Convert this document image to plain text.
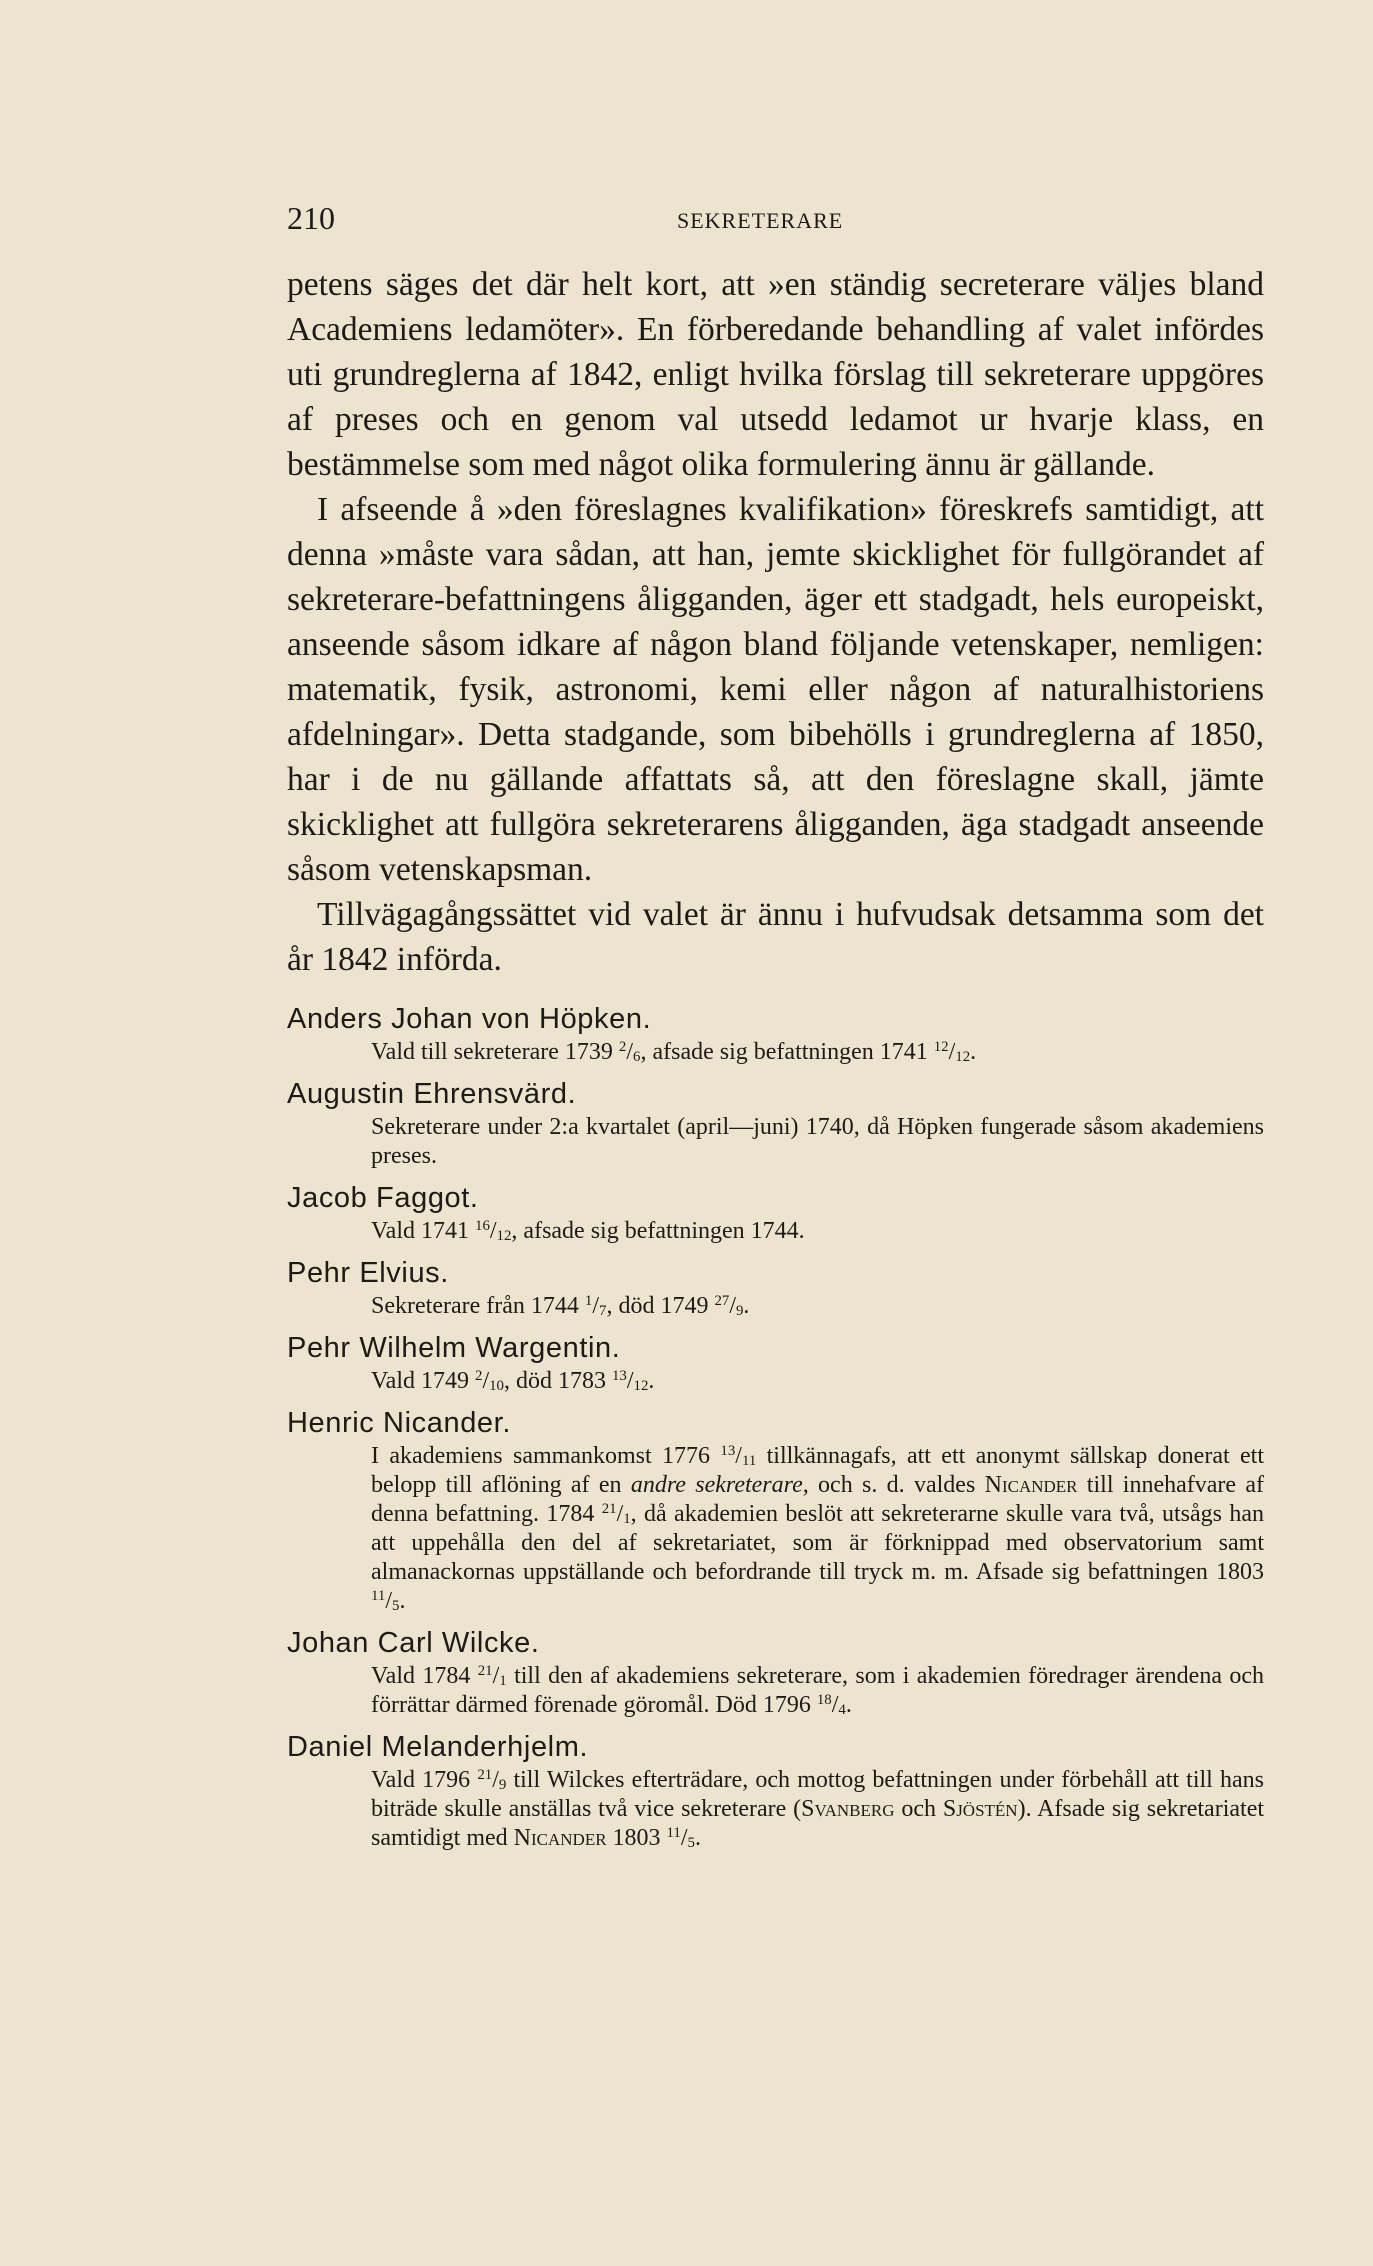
210	SEKRETERARE

petens säges det där helt kort, att »en ständig secreterare väljes bland Academiens ledamöter». En förberedande behandling af valet infördes uti grundreglerna af 1842, enligt hvilka förslag till sekreterare uppgöres af preses och en genom val utsedd ledamot ur hvarje klass, en bestämmelse som med något olika formulering ännu är gällande.

I afseende å »den föreslagnes kvalifikation» föreskrefs samtidigt, att denna »måste vara sådan, att han, jemte skicklighet för fullgörandet af sekreterare-befattningens åligganden, äger ett stadgadt, hels europeiskt, anseende såsom idkare af någon bland följande vetenskaper, nemligen: matematik, fysik, astronomi, kemi eller någon af naturalhistoriens afdelningar». Detta stadgande, som bibehölls i grundreglerna af 1850, har i de nu gällande affattats så, att den föreslagne skall, jämte skicklighet att fullgöra sekreterarens åligganden, äga stadgadt anseende såsom vetenskapsman.

Tillvägagångssättet vid valet är ännu i hufvudsak detsamma som det år 1842 införda.

Anders Johan von Höpken.
Vald till sekreterare 1739 $^2/_6$, afsade sig befattningen 1741 $^{12}/_{12}$.
Augustin Ehrensvärd.
Sekreterare under 2:a kvartalet (april—juni) 1740, då Höpken fungerade såsom akademiens preses.
Jacob Faggot.
Vald 1741 $^{16}/_{12}$, afsade sig befattningen 1744.
Pehr Elvius.
Sekreterare från 1744 $^1/_7$, död 1749 $^{27}/_9$.
Pehr Wilhelm Wargentin.
Vald 1749 $^2/_{10}$, död 1783 $^{13}/_{12}$.
Henric Nicander.
I akademiens sammankomst 1776 $^{13}/_{11}$ tillkännagafs, att ett anonymt sällskap donerat ett belopp till aflöning af en andre sekreterare, och s. d. valdes Nicander till innehafvare af denna befattning. 1784 $^{21}/_1$, då akademien beslöt att sekreterarne skulle vara två, utsågs han att uppehålla den del af sekretariatet, som är förknippad med observatorium samt almanackornas uppställande och befordrande till tryck m. m. Afsade sig befattningen 1803 $^{11}/_5$.
Johan Carl Wilcke.
Vald 1784 $^{21}/_1$ till den af akademiens sekreterare, som i akademien föredrager ärendena och förrättar därmed förenade göromål. Död 1796 $^{18}/_4$.
Daniel Melanderhjelm.
Vald 1796 $^{21}/_9$ till Wilckes efterträdare, och mottog befattningen under förbehåll att till hans biträde skulle anställas två vice sekreterare (Svanberg och Sjöstén). Afsade sig sekretariatet samtidigt med Nicander 1803 $^{11}/_5$.
